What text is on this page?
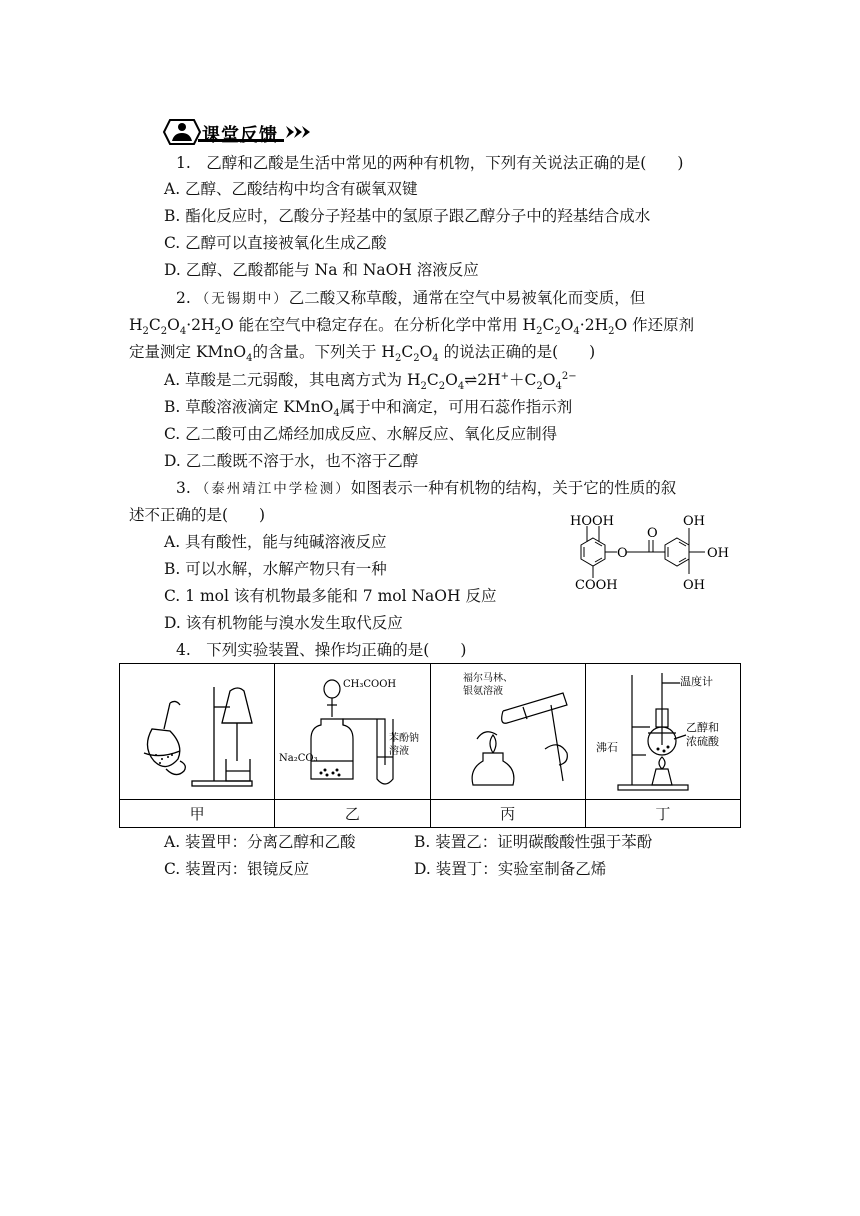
课堂反馈
1.　乙醇和乙酸是生活中常见的两种有机物，下列有关说法正确的是(　　)
A. 乙醇、乙酸结构中均含有碳氧双键
B. 酯化反应时，乙酸分子羟基中的氢原子跟乙醇分子中的羟基结合成水
C. 乙醇可以直接被氧化生成乙酸
D. 乙醇、乙酸都能与 Na 和 NaOH 溶液反应
2. （无锡期中）乙二酸又称草酸，通常在空气中易被氧化而变质，但
$H_2C_2O_4\cdot 2H_2O$ 能在空气中稳定存在。在分析化学中常用 $H_2C_2O_4\cdot 2H_2O$ 作还原剂
定量测定 KMnO$_4$的含量。下列关于 $H_2C_2O_4$ 的说法正确的是(　　)
A. 草酸是二元弱酸，其电离方式为 $H_2C_2O_4\rightleftharpoons 2H^++C_2O_4^{2-}$
B. 草酸溶液滴定 KMnO$_4$属于中和滴定，可用石蕊作指示剂
C. 乙二酸可由乙烯经加成反应、水解反应、氧化反应制得
D. 乙二酸既不溶于水，也不溶于乙醇
3. （泰州靖江中学检测）如图表示一种有机物的结构，关于它的性质的叙
述不正确的是(　　)
A. 具有酸性，能与纯碱溶液反应
B. 可以水解，水解产物只有一种
C. 1 mol 该有机物最多能和 7 mol NaOH 反应
D. 该有机物能与溴水发生取代反应
HOOH
O
O
COOH
OH
OH
OH
4.　下列实验装置、操作均正确的是(　　)

CH₃COOH
Na₂CO₃
苯酚钠
溶液	福尔马林、
银氨溶液	温度计
沸石
乙醇和
浓硫酸

甲	乙	丙	丁
A. 装置甲：分离乙醇和乙酸	B. 装置乙：证明碳酸酸性强于苯酚
C. 装置丙：银镜反应	D. 装置丁：实验室制备乙烯
